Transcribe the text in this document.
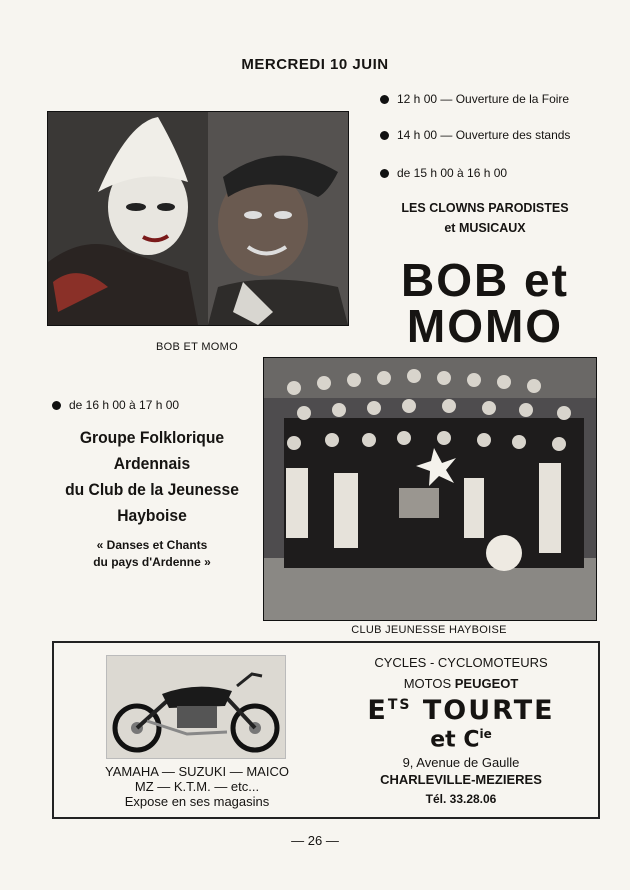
MERCREDI 10 JUIN
BOB ET MOMO
12 h 00 — Ouverture de la Foire
14 h 00 — Ouverture des stands
de 15 h 00 à 16 h 00
LES CLOWNS PARODISTES
et MUSICAUX
BOB et
MOMO
de 16 h 00 à 17 h 00
Groupe Folklorique
Ardennais
du Club de la Jeunesse
Hayboise
« Danses et Chants
du pays d'Ardenne »
CLUB JEUNESSE HAYBOISE
YAMAHA — SUZUKI — MAICO
MZ — K.T.M. — etc...
Expose en ses magasins
CYCLES - CYCLOMOTEURS
MOTOS PEUGEOT
$E^{TS}$ TOURTE
et $C^{ie}$
9, Avenue de Gaulle
CHARLEVILLE-MEZIERES
Tél. 33.28.06
— 26 —
